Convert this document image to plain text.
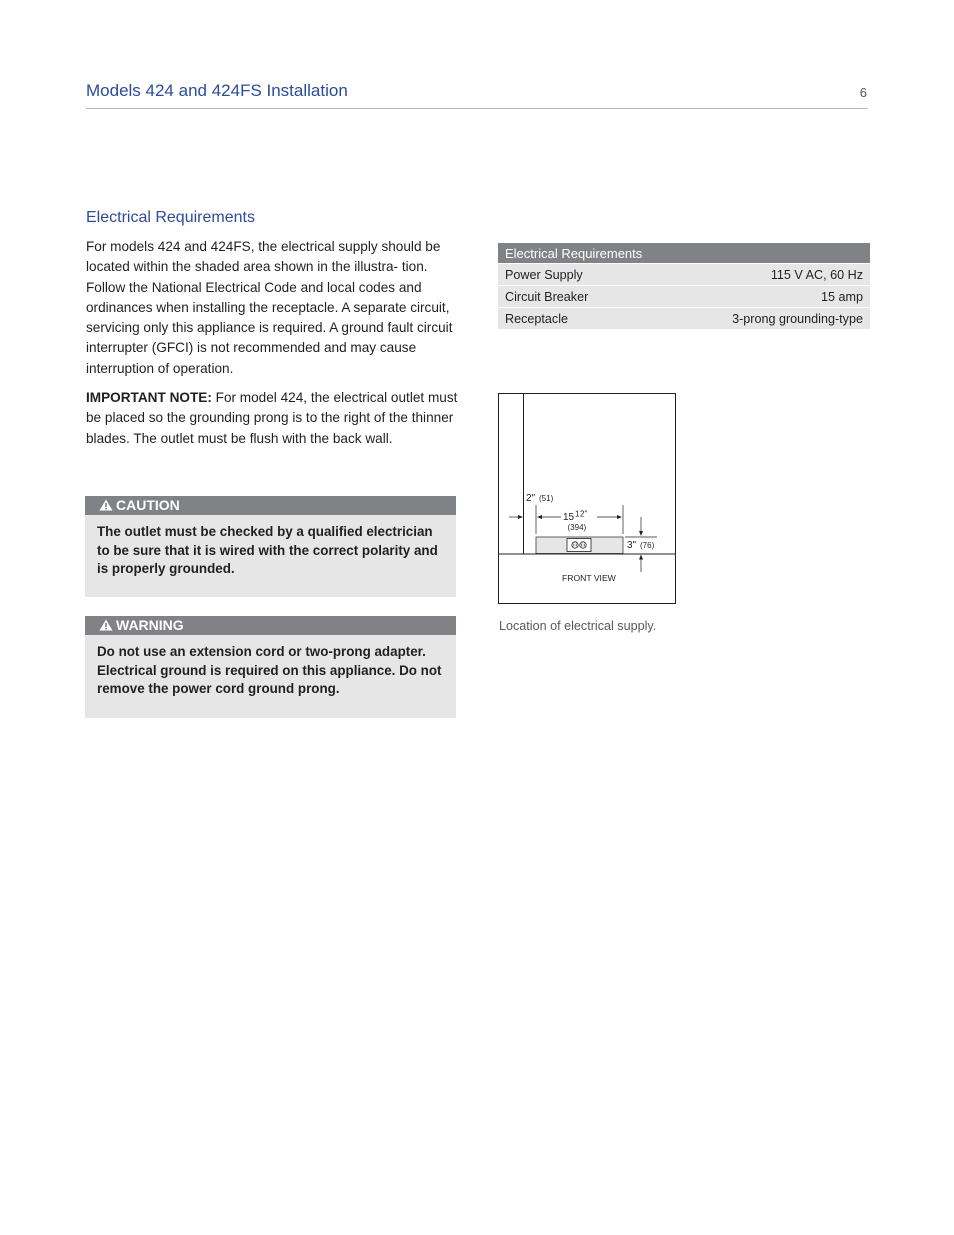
Models 424 and 424FS Installation	6
Electrical Requirements

For models 424 and 424FS, the electrical supply should be located within the shaded area shown in the illustra- tion. Follow the National Electrical Code and local codes and ordinances when installing the receptacle. A separate circuit, servicing only this appliance is required. A ground fault circuit interrupter (GFCI) is not recommended and may cause interruption of operation.

IMPORTANT NOTE: For model 424, the electrical outlet must be placed so the grounding prong is to the right of the thinner blades. The outlet must be flush with the back wall.

CAUTION
The outlet must be checked by a qualified electrician to be sure that it is wired with the correct polarity and is properly grounded.
WARNING
Do not use an extension cord or two-prong adapter. Electrical ground is required on this appliance. Do not remove the power cord ground prong.
Electrical Requirements	
Power Supply	115 V AC, 60 Hz
Circuit Breaker	15 amp
Receptacle	3-prong grounding-type
2" (51)
15 1 2"
(394)
3" (76)
FRONT VIEW
Location of electrical supply.
